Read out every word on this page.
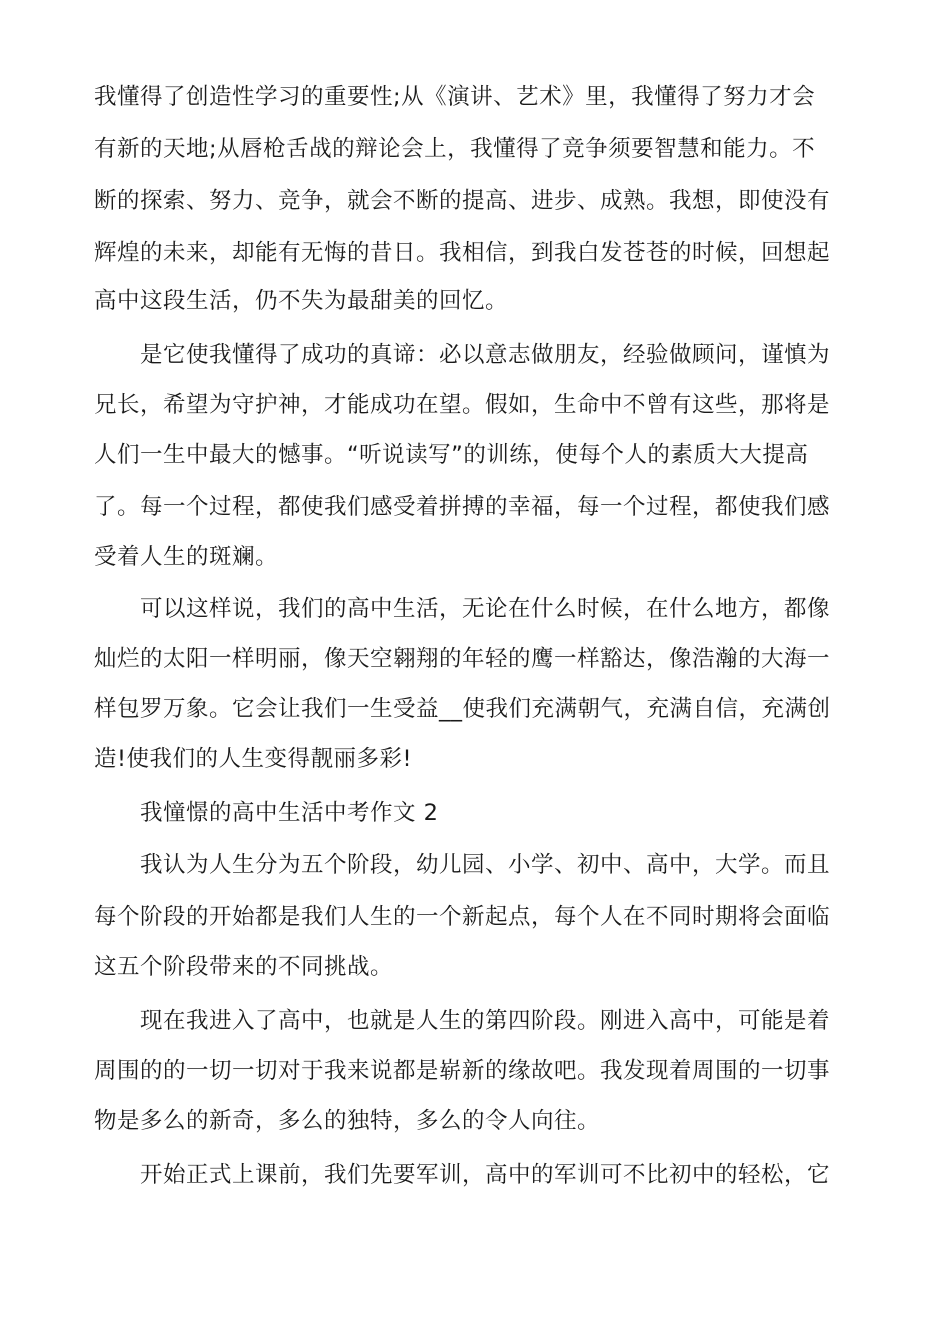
我懂得了创造性学习的重要性;从《演讲、艺术》里，我懂得了努力才会
有新的天地;从唇枪舌战的辩论会上，我懂得了竞争须要智慧和能力。不
断的探索、努力、竞争，就会不断的提高、进步、成熟。我想，即使没有
辉煌的未来，却能有无悔的昔日。我相信，到我白发苍苍的时候，回想起
高中这段生活，仍不失为最甜美的回忆。
是它使我懂得了成功的真谛：必以意志做朋友，经验做顾问，谨慎为
兄长，希望为守护神，才能成功在望。假如，生命中不曾有这些，那将是
人们一生中最大的憾事。“听说读写”的训练，使每个人的素质大大提高
了。每一个过程，都使我们感受着拼搏的幸福，每一个过程，都使我们感
受着人生的斑斓。
可以这样说，我们的高中生活，无论在什么时候，在什么地方，都像
灿烂的太阳一样明丽，像天空翱翔的年轻的鹰一样豁达，像浩瀚的大海一
样包罗万象。它会让我们一生受益__使我们充满朝气，充满自信，充满创
造!使我们的人生变得靓丽多彩!
我憧憬的高中生活中考作文 2
我认为人生分为五个阶段，幼儿园、小学、初中、高中，大学。而且
每个阶段的开始都是我们人生的一个新起点，每个人在不同时期将会面临
这五个阶段带来的不同挑战。
现在我进入了高中，也就是人生的第四阶段。刚进入高中，可能是着
周围的的一切一切对于我来说都是崭新的缘故吧。我发现着周围的一切事
物是多么的新奇，多么的独特，多么的令人向往。
开始正式上课前，我们先要军训，高中的军训可不比初中的轻松，它
